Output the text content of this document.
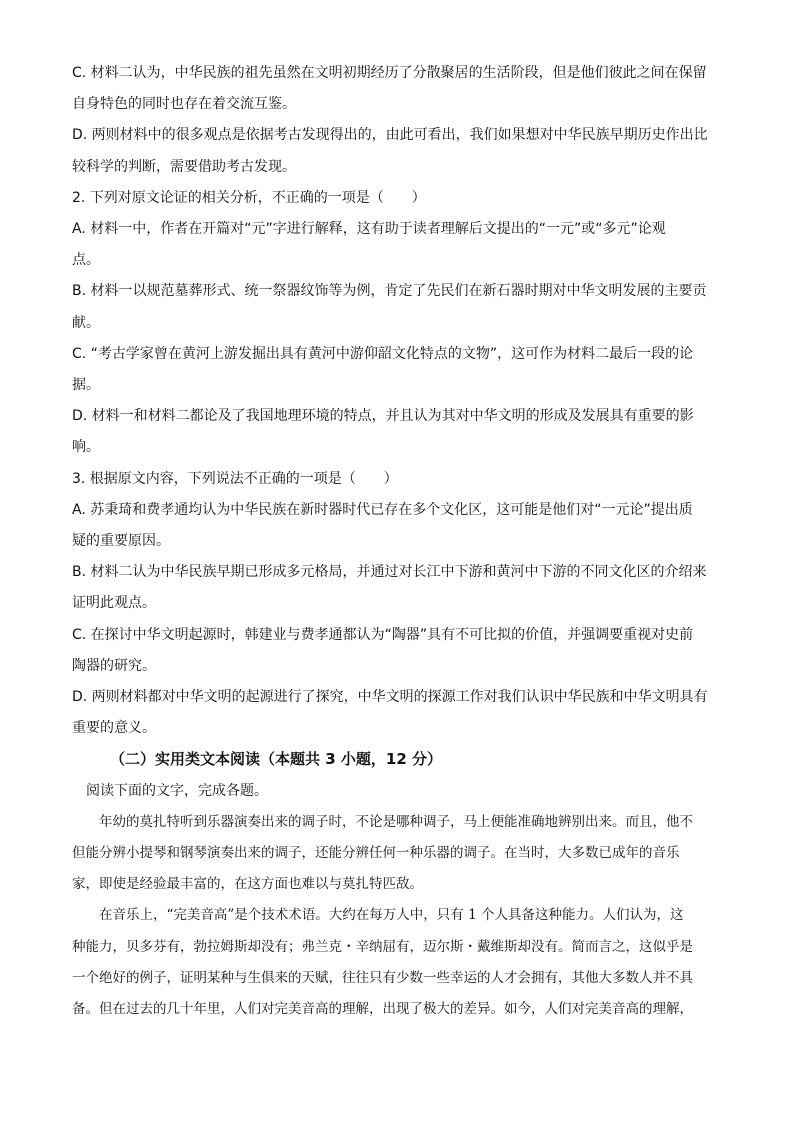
C. 材料二认为，中华民族的祖先虽然在文明初期经历了分散聚居的生活阶段，但是他们彼此之间在保留
自身特色的同时也存在着交流互鉴。
D. 两则材料中的很多观点是依据考古发现得出的，由此可看出，我们如果想对中华民族早期历史作出比
较科学的判断，需要借助考古发现。
2. 下列对原文论证的相关分析，不正确的一项是（　　）
A. 材料一中，作者在开篇对“元”字进行解释，这有助于读者理解后文提出的“一元”或“多元”论观
点。
B. 材料一以规范墓葬形式、统一祭器纹饰等为例，肯定了先民们在新石器时期对中华文明发展的主要贡
献。
C. “考古学家曾在黄河上游发掘出具有黄河中游仰韶文化特点的文物”，这可作为材料二最后一段的论
据。
D. 材料一和材料二都论及了我国地理环境的特点，并且认为其对中华文明的形成及发展具有重要的影
响。
3. 根据原文内容，下列说法不正确的一项是（　　）
A. 苏秉琦和费孝通均认为中华民族在新时器时代已存在多个文化区，这可能是他们对“一元论”提出质
疑的重要原因。
B. 材料二认为中华民族早期已形成多元格局，并通过对长江中下游和黄河中下游的不同文化区的介绍来
证明此观点。
C. 在探讨中华文明起源时，韩建业与费孝通都认为“陶器”具有不可比拟的价值，并强调要重视对史前
陶器的研究。
D. 两则材料都对中华文明的起源进行了探究，中华文明的探源工作对我们认识中华民族和中华文明具有
重要的意义。
（二）实用类文本阅读（本题共 3 小题，12 分）
阅读下面的文字，完成各题。
年幼的莫扎特听到乐器演奏出来的调子时，不论是哪种调子，马上便能准确地辨别出来。而且，他不
但能分辨小提琴和钢琴演奏出来的调子，还能分辨任何一种乐器的调子。在当时，大多数已成年的音乐
家，即使是经验最丰富的，在这方面也难以与莫扎特匹敌。
在音乐上，“完美音高”是个技术术语。大约在每万人中，只有 1 个人具备这种能力。人们认为，这
种能力，贝多芬有，勃拉姆斯却没有；弗兰克・辛纳屈有，迈尔斯・戴维斯却没有。简而言之，这似乎是
一个绝好的例子，证明某种与生俱来的天赋，往往只有少数一些幸运的人才会拥有，其他大多数人并不具
备。但在过去的几十年里，人们对完美音高的理解，出现了极大的差异。如今，人们对完美音高的理解，
